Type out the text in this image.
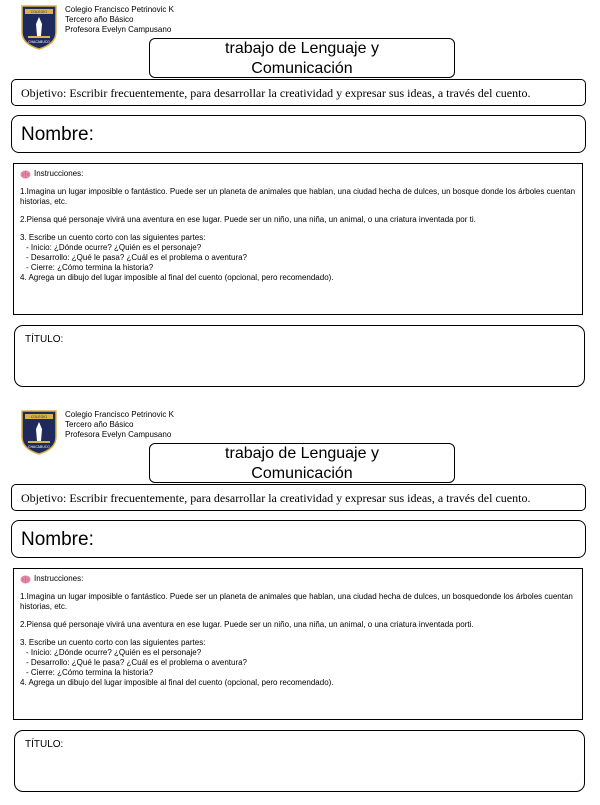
COLEGIO
CHACABUCO
Colegio Francisco Petrinovic K
Tercero año Básico
Profesora Evelyn Campusano
trabajo de Lenguaje y
Comunicación
Objetivo: Escribir frecuentemente, para desarrollar la creatividad y expresar sus ideas, a través del cuento.
Nombre:
Instrucciones:

1.Imagina un lugar imposible o fantástico. Puede ser un planeta de animales que hablan, una ciudad hecha de dulces, un bosque donde los árboles cuentan historias, etc.

2.Piensa qué personaje vivirá una aventura en ese lugar. Puede ser un niño, una niña, un animal, o una criatura inventada por ti.

3. Escribe un cuento corto con las siguientes partes:
- Inicio: ¿Dónde ocurre? ¿Quién es el personaje?
- Desarrollo: ¿Qué le pasa? ¿Cuál es el problema o aventura?
- Cierre: ¿Cómo termina la historia?
4. Agrega un dibujo del lugar imposible al final del cuento (opcional, pero recomendado).
TÍTULO:
COLEGIO
CHACABUCO
Colegio Francisco Petrinovic K
Tercero año Básico
Profesora Evelyn Campusano
trabajo de Lenguaje y
Comunicación
Objetivo: Escribir frecuentemente, para desarrollar la creatividad y expresar sus ideas, a través del cuento.
Nombre:
Instrucciones:

1.Imagina un lugar imposible o fantástico. Puede ser un planeta de animales que hablan, una ciudad hecha de dulces, un bosquedonde los árboles cuentan historias, etc.

2.Piensa qué personaje vivirá una aventura en ese lugar. Puede ser un niño, una niña, un animal, o una criatura inventada porti.

3. Escribe un cuento corto con las siguientes partes:
- Inicio: ¿Dónde ocurre? ¿Quién es el personaje?
- Desarrollo: ¿Qué le pasa? ¿Cuál es el problema o aventura?
- Cierre: ¿Cómo termina la historia?
4. Agrega un dibujo del lugar imposible al final del cuento (opcional, pero recomendado).
TÍTULO:
